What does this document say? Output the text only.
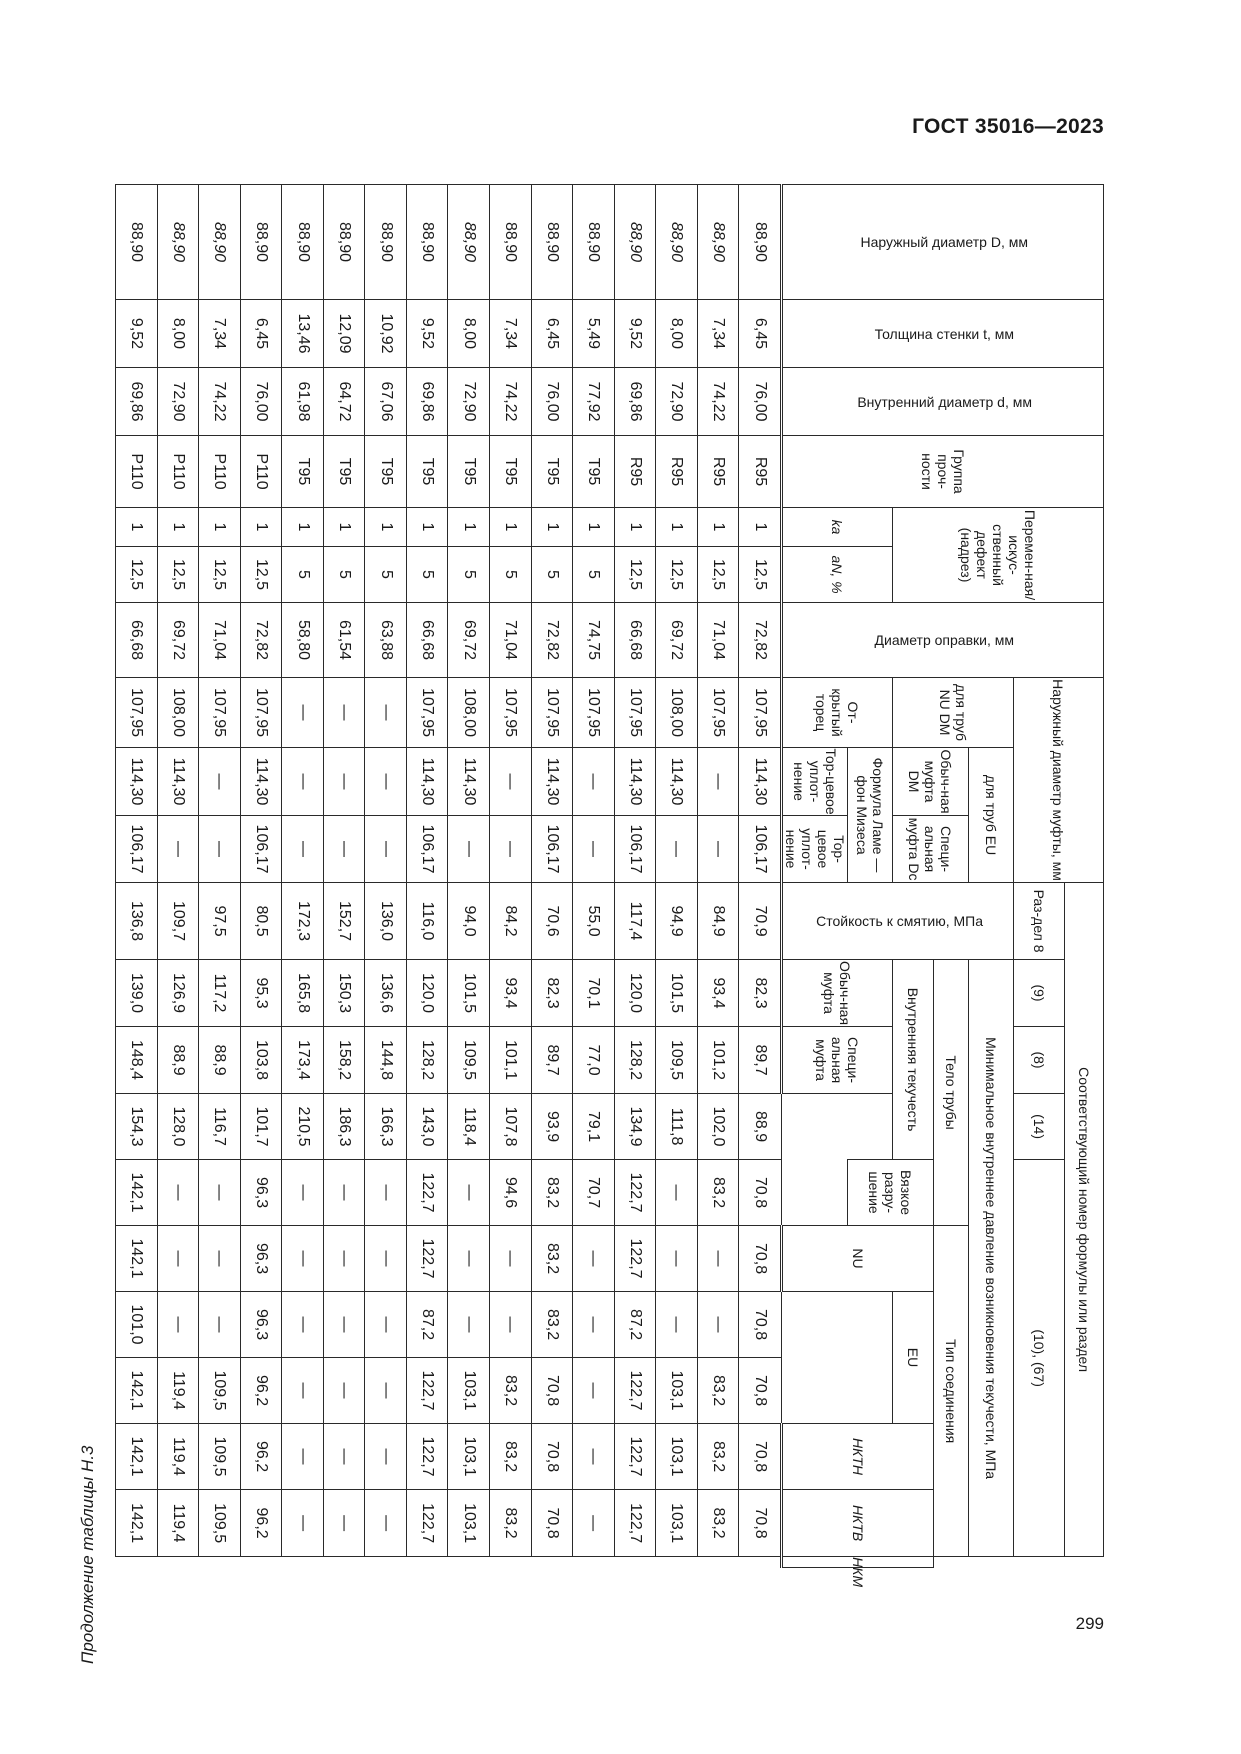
ГОСТ 35016—2023
Продолжение таблицы Н.3	299
Наружный диаметр D, мм	Толщина стенки t, мм	Внутренний диаметр d, мм	Группа проч-ности	Перемен-ная/искус-ственный дефект (надрез)		Диаметр оправки, мм	Наружный диаметр муфты, мм			Соответствующий номер формулы или раздел										
										Раз-дел 8	(9)	(8)	(14)	(10), (67)						
							для труб NU DМ	для труб EU		Стойкость к смятию, МПа	Минимальное внутреннее давление возникновения текучести, МПа									
								Обыч-ная муфта DМ	Специ-альная муфта Dс		Тело трубы				Тип соединения					
											Внутренняя текучесть			Вязкое разру-шение	NU	EU		НКТН	НКТВ	НКМ
				ka	aN, %		От-крытый торец	Формула Ламе — фон Мизеса			Обыч-ная муфта	Специ-альная муфта								
								Тор-цевое уплот-нение	Тор-цевое уплот-нение											
88,90	6,45	76,00	R95	1	12,5	72,82	107,95	114,30	106,17	70,9	82,3	89,7	88,9	70,8	70,8	70,8	70,8	70,8	70,8	
88,90	7,34	74,22	R95	1	12,5	71,04	107,95	—	—	84,9	93,4	101,2	102,0	83,2	—	—	83,2	83,2	83,2	
88,90	8,00	72,90	R95	1	12,5	69,72	108,00	114,30	—	94,9	101,5	109,5	111,8	—	—	—	103,1	103,1	103,1	
88,90	9,52	69,86	R95	1	12,5	66,68	107,95	114,30	106,17	117,4	120,0	128,2	134,9	122,7	122,7	87,2	122,7	122,7	122,7	
88,90	5,49	77,92	T95	1	5	74,75	107,95	—	—	55,0	70,1	77,0	79,1	70,7	—	—	—	—	—	
88,90	6,45	76,00	T95	1	5	72,82	107,95	114,30	106,17	70,6	82,3	89,7	93,9	83,2	83,2	83,2	70,8	70,8	70,8	
88,90	7,34	74,22	T95	1	5	71,04	107,95	—	—	84,2	93,4	101,1	107,8	94,6	—	—	83,2	83,2	83,2	
88,90	8,00	72,90	T95	1	5	69,72	108,00	114,30	—	94,0	101,5	109,5	118,4	—	—	—	103,1	103,1	103,1	
88,90	9,52	69,86	T95	1	5	66,68	107,95	114,30	106,17	116,0	120,0	128,2	143,0	122,7	122,7	87,2	122,7	122,7	122,7	
88,90	10,92	67,06	T95	1	5	63,88	—	—	—	136,0	136,6	144,8	166,3	—	—	—	—	—	—	
88,90	12,09	64,72	T95	1	5	61,54	—	—	—	152,7	150,3	158,2	186,3	—	—	—	—	—	—	
88,90	13,46	61,98	T95	1	5	58,80	—	—	—	172,3	165,8	173,4	210,5	—	—	—	—	—	—	
88,90	6,45	76,00	P110	1	12,5	72,82	107,95	114,30	106,17	80,5	95,3	103,8	101,7	96,3	96,3	96,3	96,2	96,2	96,2	
88,90	7,34	74,22	P110	1	12,5	71,04	107,95	—	—	97,5	117,2	88,9	116,7	—	—	—	109,5	109,5	109,5	
88,90	8,00	72,90	P110	1	12,5	69,72	108,00	114,30	—	109,7	126,9	88,9	128,0	—	—	—	119,4	119,4	119,4	
88,90	9,52	69,86	P110	1	12,5	66,68	107,95	114,30	106,17	136,8	139,0	148,4	154,3	142,1	142,1	101,0	142,1	142,1	142,1	
